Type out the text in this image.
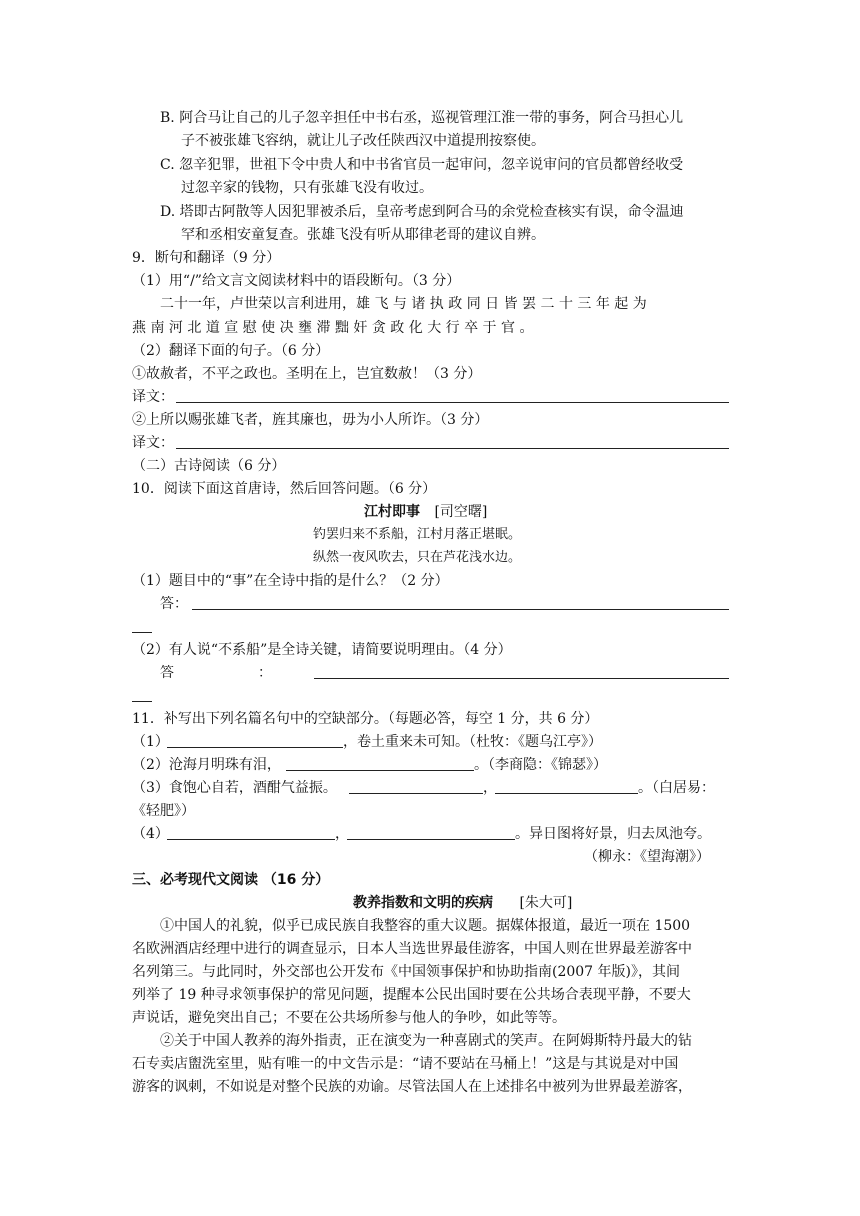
B. 阿合马让自己的儿子忽辛担任中书右丞，巡视管理江淮一带的事务，阿合马担心儿
子不被张雄飞容纳，就让儿子改任陕西汉中道提刑按察使。
C. 忽辛犯罪，世祖下令中贵人和中书省官员一起审问，忽辛说审问的官员都曾经收受
过忽辛家的钱物，只有张雄飞没有收过。
D. 塔即古阿散等人因犯罪被杀后，皇帝考虑到阿合马的余党检查核实有误，命令温迪
罕和丞相安童复查。张雄飞没有听从耶律老哥的建议自辨。
9．断句和翻译（9 分）
（1）用“/”给文言文阅读材料中的语段断句。（3 分）
二十一年，卢世荣以言利进用，雄 飞 与 诸 执 政 同 日 皆 罢 二 十 三 年 起 为
燕 南 河 北 道 宣 慰 使 决 壅 滞 黜 奸 贪 政 化 大 行 卒 于 官 。
（2）翻译下面的句子。（6 分）
①故赦者，不平之政也。圣明在上，岂宜数赦！（3 分）
译文：
②上所以赐张雄飞者，旌其廉也，毋为小人所诈。（3 分）
译文：
（二）古诗阅读（6 分）
10．阅读下面这首唐诗，然后回答问题。（6 分）
江村即事 [司空曙]
钓罢归来不系船，江村月落正堪眠。
纵然一夜风吹去，只在芦花浅水边。
（1）题目中的“事”在全诗中指的是什么？（2 分）
答：
（2）有人说“不系船”是全诗关键，请简要说明理由。（4 分）
答	：
11．补写出下列名篇名句中的空缺部分。（每题必答，每空 1 分，共 6 分）
（1）	，卷土重来未可知。（杜牧：《题乌江亭》）
（2）沧海月明珠有泪，	。（李商隐：《锦瑟》）
（3）食饱心自若，酒酣气益振。	，	。（白居易：
《轻肥》）
（4）	，	。异日图将好景，归去凤池夸。
（柳永：《望海潮》）
三、必考现代文阅读 （16 分）
教养指数和文明的疾病 [朱大可]
①中国人的礼貌，似乎已成民族自我整容的重大议题。据媒体报道，最近一项在 1500
名欧洲酒店经理中进行的调查显示，日本人当选世界最佳游客，中国人则在世界最差游客中
名列第三。与此同时，外交部也公开发布《中国领事保护和协助指南(2007 年版)》，其间
列举了 19 种寻求领事保护的常见问题，提醒本公民出国时要在公共场合表现平静，不要大
声说话，避免突出自己；不要在公共场所参与他人的争吵，如此等等。
②关于中国人教养的海外指责，正在演变为一种喜剧式的笑声。在阿姆斯特丹最大的钻
石专卖店盥洗室里，贴有唯一的中文告示是：“请不要站在马桶上！”这是与其说是对中国
游客的讽刺，不如说是对整个民族的劝谕。尽管法国人在上述排名中被列为世界最差游客，
